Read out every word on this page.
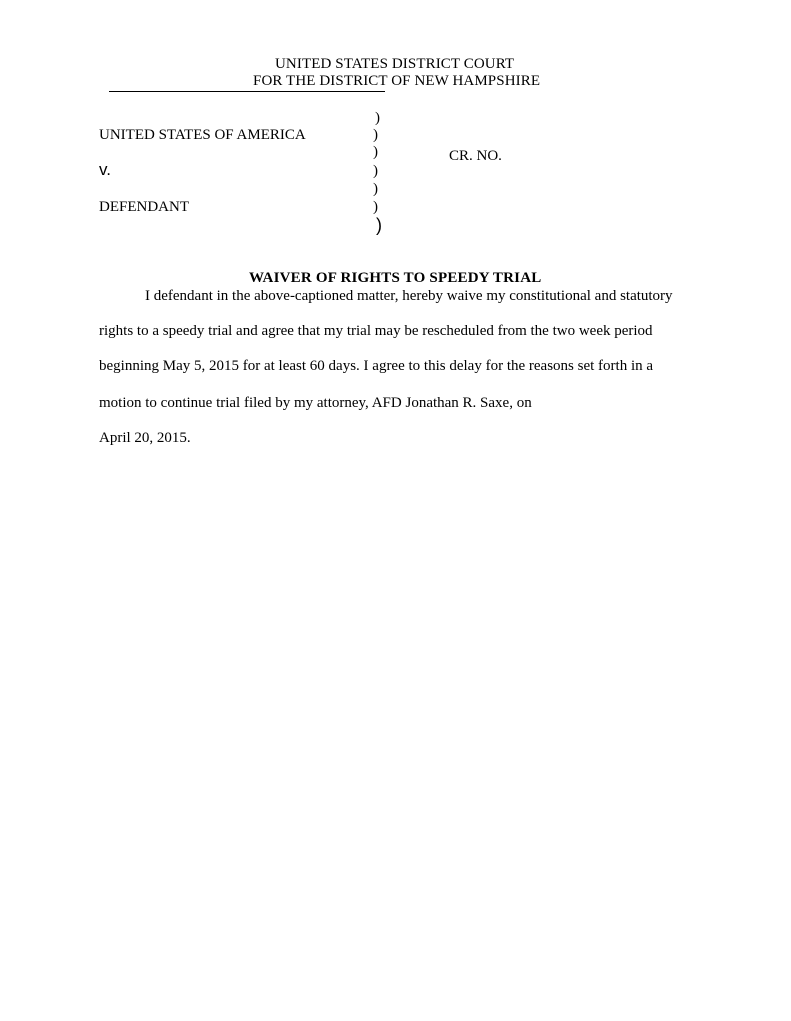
UNITED STATES DISTRICT COURT
FOR THE DISTRICT OF NEW HAMPSHIRE
UNITED STATES OF AMERICA
v.
DEFENDANT
)
)
)
)
)
)
)
CR. NO.
WAIVER OF RIGHTS TO SPEEDY TRIAL
I defendant in the above-captioned matter, hereby waive my constitutional and statutory
rights to a speedy trial and agree that my trial may be rescheduled from the two week period
beginning May 5, 2015 for at least 60 days. I agree to this delay for the reasons set forth in a
motion to continue trial filed by my attorney, AFD Jonathan R. Saxe, on
April 20, 2015.
